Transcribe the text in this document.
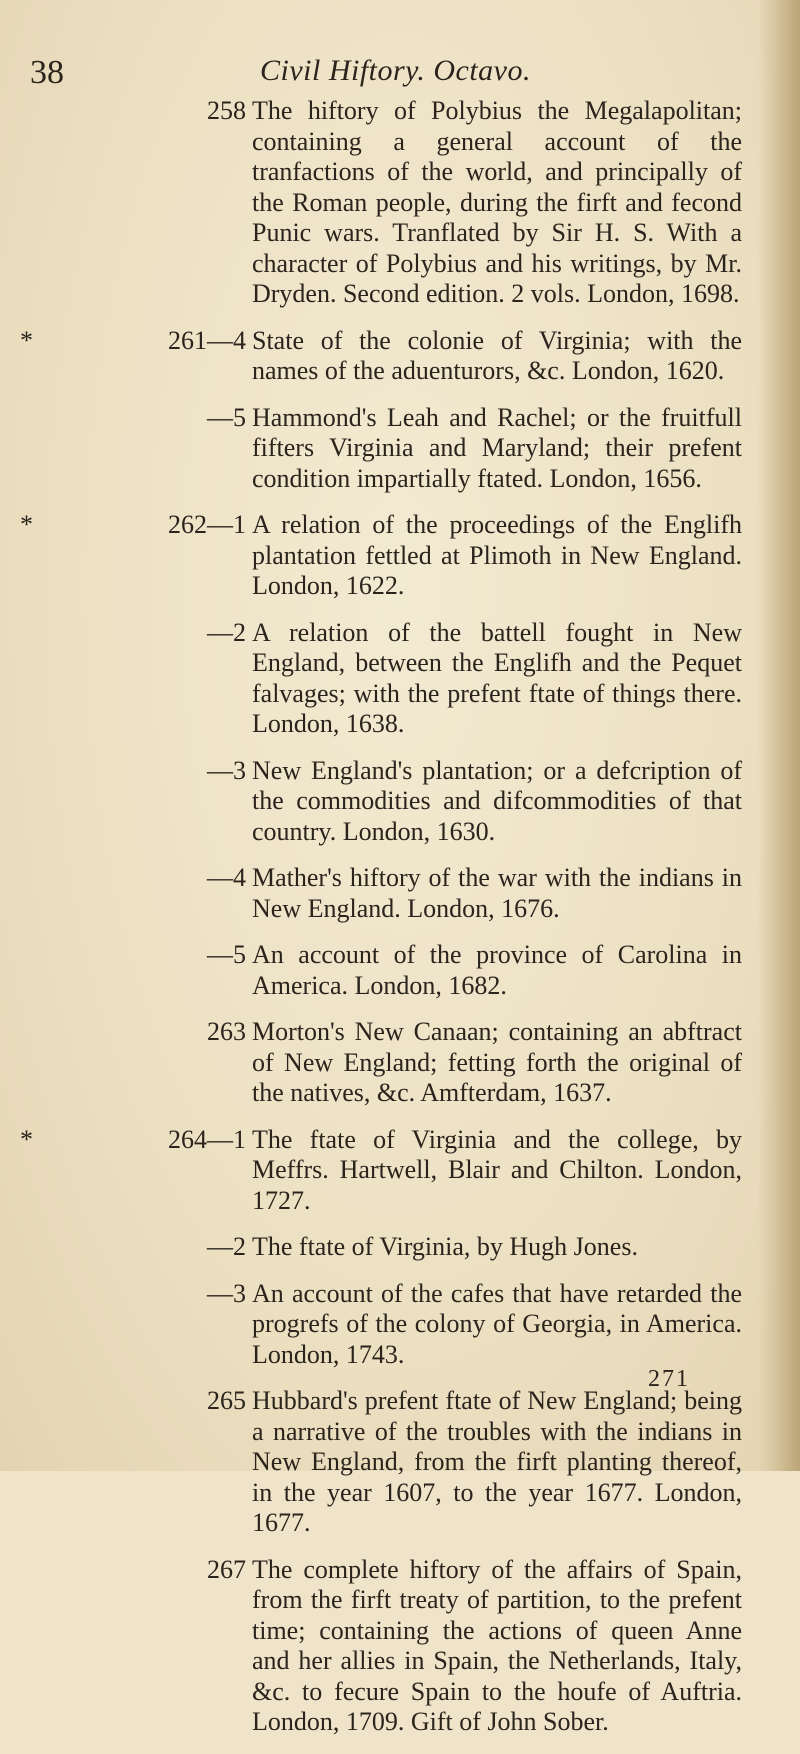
38	Civil Hiftory. Octavo.
258 The hiftory of Polybius the Megalapolitan; containing a general account of the tranfactions of the world, and principally of the Roman people, during the firft and fecond Punic wars. Tranflated by Sir H. S. With a character of Polybius and his writings, by Mr. Dryden. Second edition. 2 vols. London, 1698.
*	261—4 State of the colonie of Virginia; with the names of the aduenturors, &c. London, 1620.
—5 Hammond's Leah and Rachel; or the fruitfull fifters Virginia and Maryland; their prefent condition impartially ftated. London, 1656.
*	262—1 A relation of the proceedings of the Englifh plantation fettled at Plimoth in New England. London, 1622.
—2 A relation of the battell fought in New England, between the Englifh and the Pequet falvages; with the prefent ftate of things there. London, 1638.
—3 New England's plantation; or a defcription of the commodities and difcommodities of that country. London, 1630.
—4 Mather's hiftory of the war with the indians in New England. London, 1676.
—5 An account of the province of Carolina in America. London, 1682.
263 Morton's New Canaan; containing an abftract of New England; fetting forth the original of the natives, &c. Amfterdam, 1637.
*	264—1 The ftate of Virginia and the college, by Meffrs. Hartwell, Blair and Chilton. London, 1727.
—2 The ftate of Virginia, by Hugh Jones.
—3 An account of the cafes that have retarded the progrefs of the colony of Georgia, in America. London, 1743.
265 Hubbard's prefent ftate of New England; being a narrative of the troubles with the indians in New England, from the firft planting thereof, in the year 1607, to the year 1677. London, 1677.
267 The complete hiftory of the affairs of Spain, from the firft treaty of partition, to the prefent time; containing the actions of queen Anne and her allies in Spain, the Netherlands, Italy, &c. to fecure Spain to the houfe of Auftria. London, 1709. Gift of John Sober.
271
